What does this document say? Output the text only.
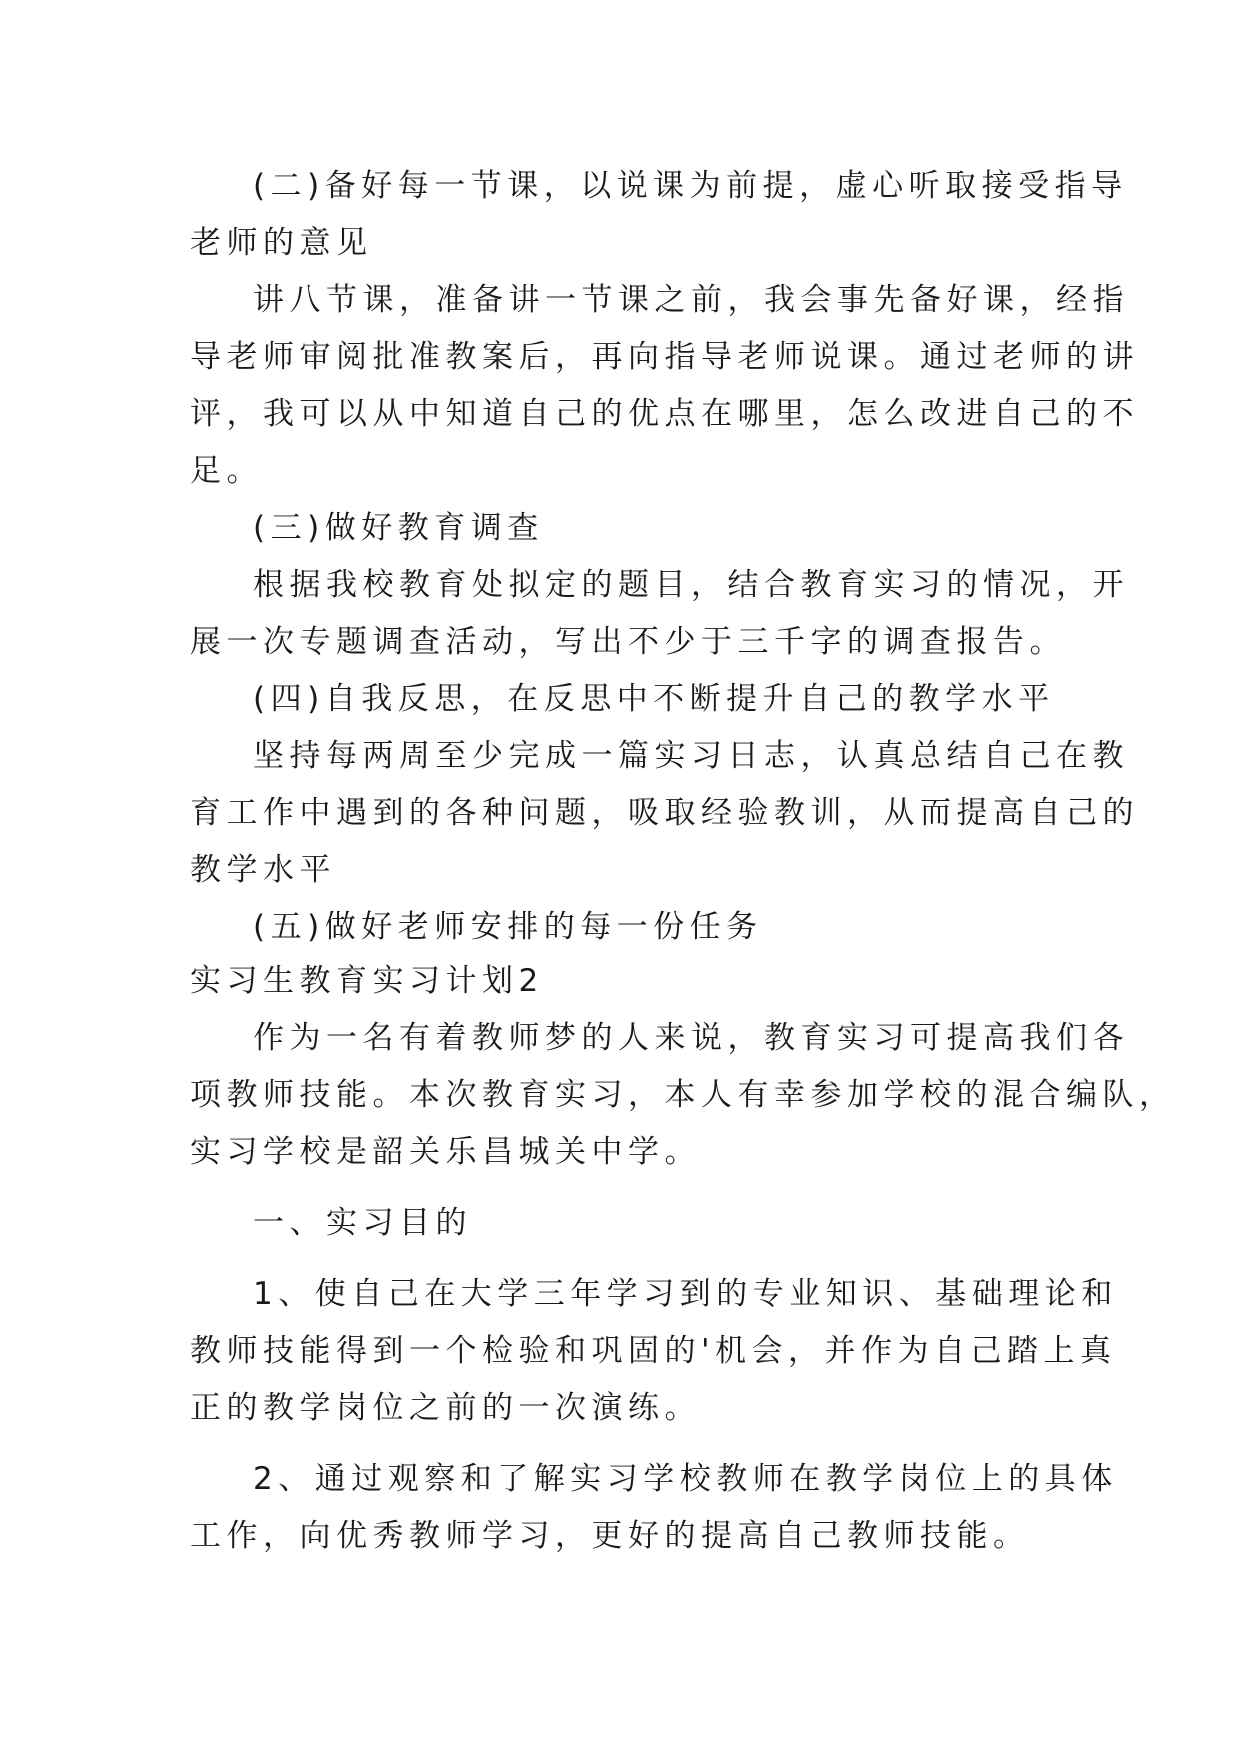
(二)备好每一节课，以说课为前提，虚心听取接受指导
老师的意见
讲八节课，准备讲一节课之前，我会事先备好课，经指
导老师审阅批准教案后，再向指导老师说课。通过老师的讲
评，我可以从中知道自己的优点在哪里，怎么改进自己的不
足。
(三)做好教育调查
根据我校教育处拟定的题目，结合教育实习的情况，开
展一次专题调查活动，写出不少于三千字的调查报告。
(四)自我反思，在反思中不断提升自己的教学水平
坚持每两周至少完成一篇实习日志，认真总结自己在教
育工作中遇到的各种问题，吸取经验教训，从而提高自己的
教学水平
(五)做好老师安排的每一份任务
实习生教育实习计划2
作为一名有着教师梦的人来说，教育实习可提高我们各
项教师技能。本次教育实习，本人有幸参加学校的混合编队，
实习学校是韶关乐昌城关中学。
一、实习目的
1、使自己在大学三年学习到的专业知识、基础理论和
教师技能得到一个检验和巩固的'机会，并作为自己踏上真
正的教学岗位之前的一次演练。
2、通过观察和了解实习学校教师在教学岗位上的具体
工作，向优秀教师学习，更好的提高自己教师技能。
